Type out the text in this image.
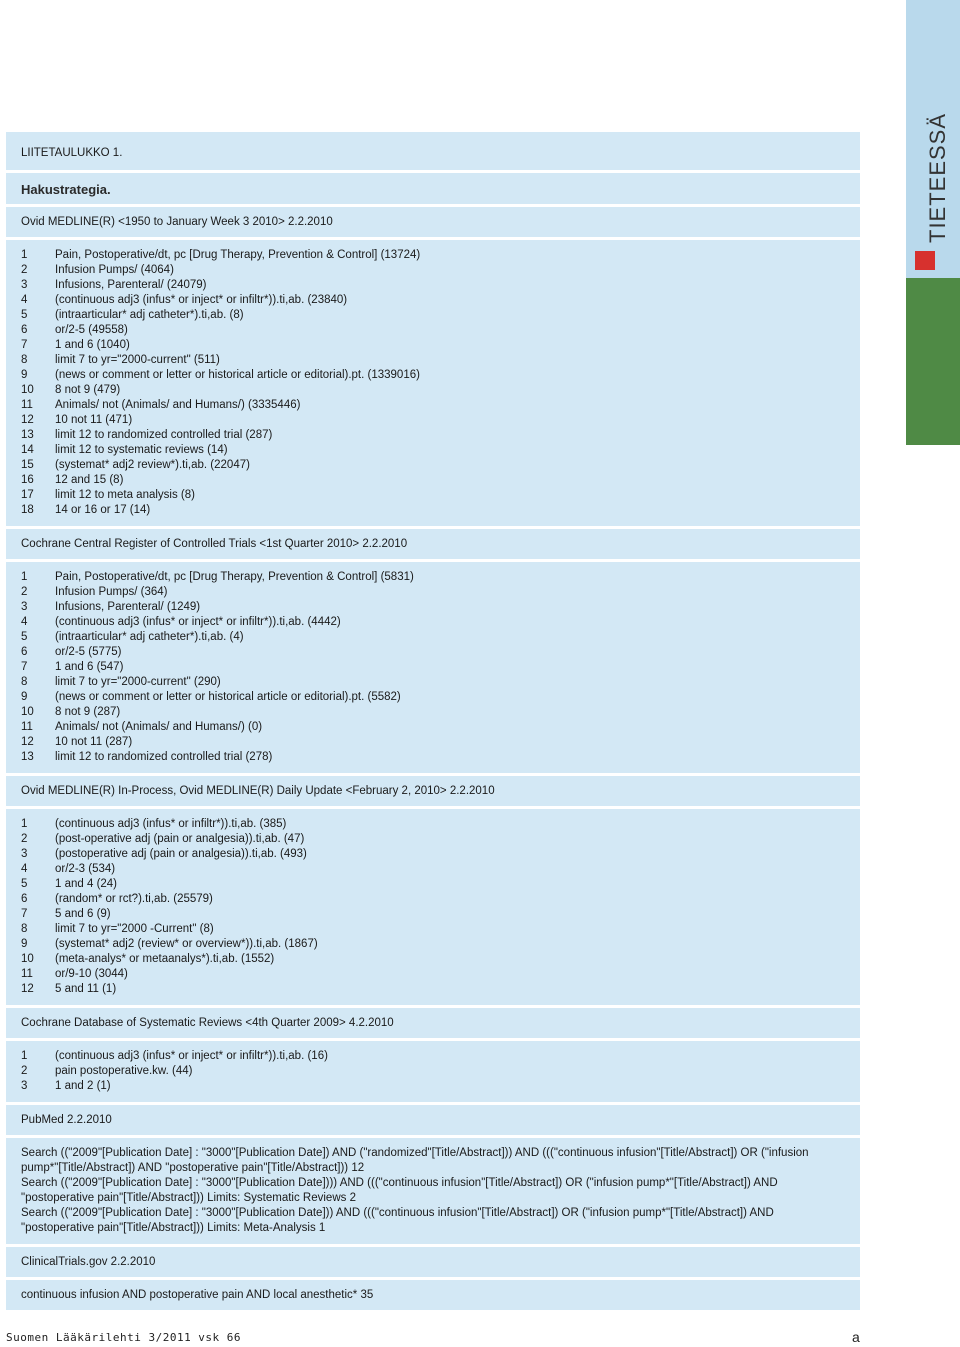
TIETEESSÄ
LIITETAULUKKO 1.
Hakustrategia.
Ovid MEDLINE(R) <1950 to January Week 3 2010> 2.2.2010
1	Pain, Postoperative/dt, pc [Drug Therapy, Prevention & Control] (13724)
2	Infusion Pumps/ (4064)
3	Infusions, Parenteral/ (24079)
4	(continuous adj3 (infus* or inject* or infiltr*)).ti,ab. (23840)
5	(intraarticular* adj catheter*).ti,ab. (8)
6	or/2-5 (49558)
7	1 and 6 (1040)
8	limit 7 to yr="2000-current" (511)
9	(news or comment or letter or historical article or editorial).pt. (1339016)
10	8 not 9 (479)
11	Animals/ not (Animals/ and Humans/) (3335446)
12	10 not 11 (471)
13	limit 12 to randomized controlled trial (287)
14	limit 12 to systematic reviews (14)
15	(systemat* adj2 review*).ti,ab. (22047)
16	12 and 15 (8)
17	limit 12 to meta analysis (8)
18	14 or 16 or 17 (14)
Cochrane Central Register of Controlled Trials <1st Quarter 2010> 2.2.2010
1	Pain, Postoperative/dt, pc [Drug Therapy, Prevention & Control] (5831)
2	Infusion Pumps/ (364)
3	Infusions, Parenteral/ (1249)
4	(continuous adj3 (infus* or inject* or infiltr*)).ti,ab. (4442)
5	(intraarticular* adj catheter*).ti,ab. (4)
6	or/2-5 (5775)
7	1 and 6 (547)
8	limit 7 to yr="2000-current" (290)
9	(news or comment or letter or historical article or editorial).pt. (5582)
10	8 not 9 (287)
11	Animals/ not (Animals/ and Humans/) (0)
12	10 not 11 (287)
13	limit 12 to randomized controlled trial (278)
Ovid MEDLINE(R) In-Process, Ovid MEDLINE(R) Daily Update <February 2, 2010> 2.2.2010
1	(continuous adj3 (infus* or infiltr*)).ti,ab. (385)
2	(post-operative adj (pain or analgesia)).ti,ab. (47)
3	(postoperative adj (pain or analgesia)).ti,ab. (493)
4	or/2-3 (534)
5	1 and 4 (24)
6	(random* or rct?).ti,ab. (25579)
7	5 and 6 (9)
8	limit 7 to yr="2000 -Current" (8)
9	(systemat* adj2 (review* or overview*)).ti,ab. (1867)
10	(meta-analys* or metaanalys*).ti,ab. (1552)
11	or/9-10 (3044)
12	5 and 11 (1)
Cochrane Database of Systematic Reviews <4th Quarter 2009> 4.2.2010
1	(continuous adj3 (infus* or inject* or infiltr*)).ti,ab. (16)
2	pain postoperative.kw. (44)
3	1 and 2 (1)
PubMed 2.2.2010
Search (("2009"[Publication Date] : "3000"[Publication Date]) AND ("randomized"[Title/Abstract])) AND ((("continuous infusion"[Title/Abstract]) OR ("infusion pump*"[Title/Abstract]) AND "postoperative pain"[Title/Abstract])) 12
Search (("2009"[Publication Date] : "3000"[Publication Date]))) AND ((("continuous infusion"[Title/Abstract]) OR ("infusion pump*"[Title/Abstract]) AND "postoperative pain"[Title/Abstract])) Limits: Systematic Reviews 2
Search (("2009"[Publication Date] : "3000"[Publication Date])) AND ((("continuous infusion"[Title/Abstract]) OR ("infusion pump*"[Title/Abstract]) AND "postoperative pain"[Title/Abstract])) Limits: Meta-Analysis 1
ClinicalTrials.gov 2.2.2010
continuous infusion AND postoperative pain AND local anesthetic* 35
Suomen Lääkärilehti 3/2011 vsk 66	a
